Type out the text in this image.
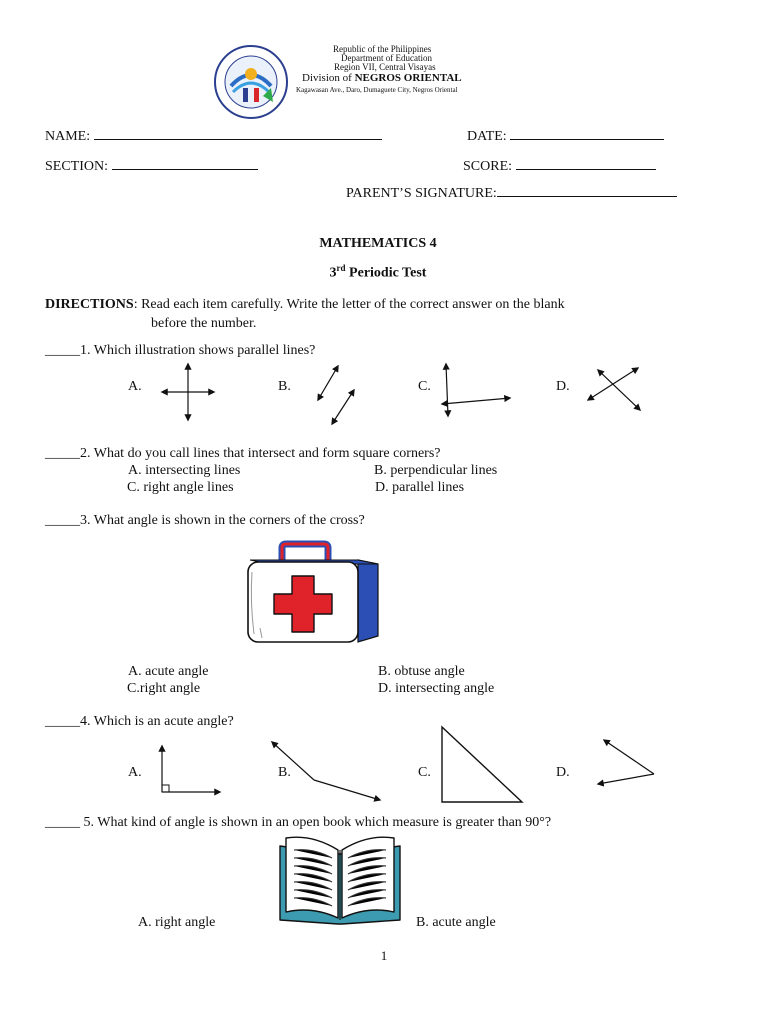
Republic of the Philippines
Department of Education
Region VII, Central Visayas
Division of NEGROS ORIENTAL
Kagawasan Ave., Daro, Dumaguete City, Negros Oriental
NAME:	DATE:
SECTION:	SCORE:
PARENT’S SIGNATURE:
MATHEMATICS 4
3rd Periodic Test
DIRECTIONS: Read each item carefully. Write the letter of the correct answer on the blank
before the number.
_____1. Which illustration shows parallel lines?
A.	B.	C.	D.
_____2. What do you call lines that intersect and form square corners?
A. intersecting lines	B. perpendicular lines
C. right angle lines	D. parallel lines
_____3. What angle is shown in the corners of the cross?
A. acute angle	B. obtuse angle
C.right angle	D. intersecting angle
_____4. Which is an acute angle?
A.	B.	C.	D.
_____ 5. What kind of angle is shown in an open book which measure is greater than 90°?
A. right angle	B. acute angle
1
